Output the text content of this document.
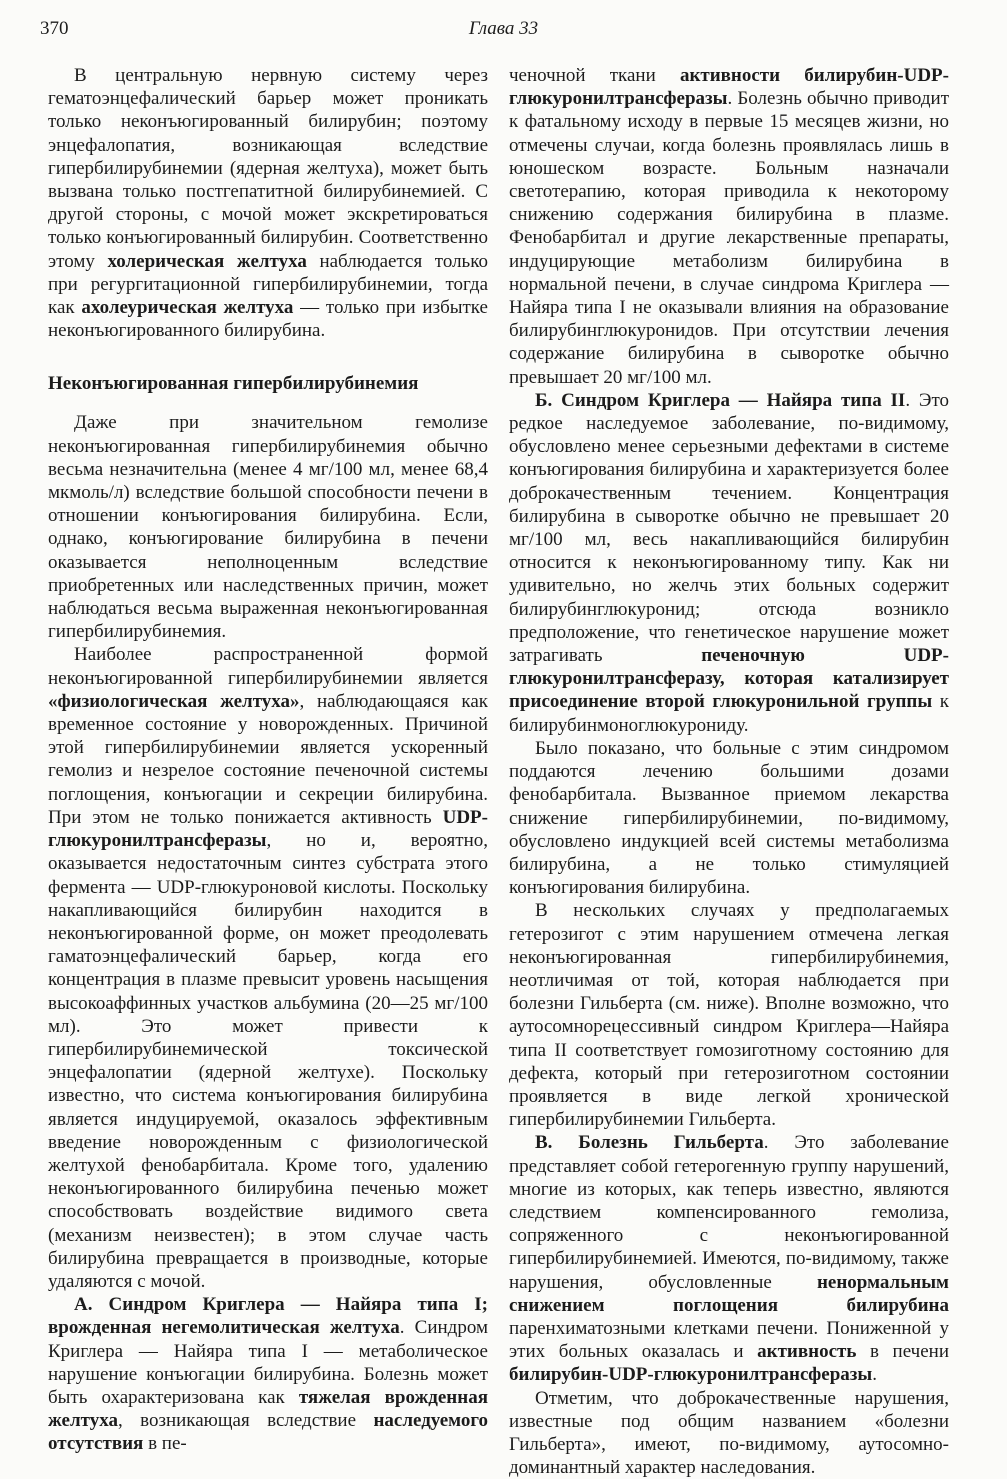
370	Глава 33

В центральную нервную систему через гематоэнцефалический барьер может проникать только неконъюгированный билирубин; поэтому энцефалопатия, возникающая вследствие гипербилирубинемии (ядерная желтуха), может быть вызвана только постгепатитной билирубинемией. С другой стороны, с мочой может экскретироваться только конъюгированный билирубин. Соответственно этому холерическая желтуха наблюдается только при регургитационной гипербилирубинемии, тогда как ахолеурическая желтуха — только при избытке неконъюгированного билирубина.

Неконъюгированная гипербилирубинемия

Даже при значительном гемолизе неконъюгированная гипербилирубинемия обычно весьма незначительна (менее 4 мг/100 мл, менее 68,4 мкмоль/л) вследствие большой способности печени в отношении конъюгирования билирубина. Если, однако, конъюгирование билирубина в печени оказывается неполноценным вследствие приобретенных или наследственных причин, может наблюдаться весьма выраженная неконъюгированная гипербилирубинемия.

Наиболее распространенной формой неконъюгированной гипербилирубинемии является «физиологическая желтуха», наблюдающаяся как временное состояние у новорожденных. Причиной этой гипербилирубинемии является ускоренный гемолиз и незрелое состояние печеночной системы поглощения, конъюгации и секреции билирубина. При этом не только понижается активность UDP-глюкуронилтрансферазы, но и, вероятно, оказывается недостаточным синтез субстрата этого фермента — UDP-глюкуроновой кислоты. Поскольку накапливающийся билирубин находится в неконъюгированной форме, он может преодолевать гаматоэнцефалический барьер, когда его концентрация в плазме превысит уровень насыщения высокоаффинных участков альбумина (20—25 мг/100 мл). Это может привести к гипербилирубинемической токсической энцефалопатии (ядерной желтухе). Поскольку известно, что система конъюгирования билирубина является индуцируемой, оказалось эффективным введение новорожденным с физиологической желтухой фенобарбитала. Кроме того, удалению неконъюгированного билирубина печенью может способствовать воздействие видимого света (механизм неизвестен); в этом случае часть билирубина превращается в производные, которые удаляются с мочой.

А. Синдром Криглера — Найяра типа I; врожденная негемолитическая желтуха. Синдром Криглера — Найяра типа I — метаболическое нарушение конъюгации билирубина. Болезнь может быть охарактеризована как тяжелая врожденная желтуха, возникающая вследствие наследуемого отсутствия в пе-

ченочной ткани активности билирубин-UDP-глюкуронилтрансферазы. Болезнь обычно приводит к фатальному исходу в первые 15 месяцев жизни, но отмечены случаи, когда болезнь проявлялась лишь в юношеском возрасте. Больным назначали светотерапию, которая приводила к некоторому снижению содержания билирубина в плазме. Фенобарбитал и другие лекарственные препараты, индуцирующие метаболизм билирубина в нормальной печени, в случае синдрома Криглера — Найяра типа I не оказывали влияния на образование билирубинглюкуронидов. При отсутствии лечения содержание билирубина в сыворотке обычно превышает 20 мг/100 мл.

Б. Синдром Криглера — Найяра типа II. Это редкое наследуемое заболевание, по-видимому, обусловлено менее серьезными дефектами в системе конъюгирования билирубина и характеризуется более доброкачественным течением. Концентрация билирубина в сыворотке обычно не превышает 20 мг/100 мл, весь накапливающийся билирубин относится к неконъюгированному типу. Как ни удивительно, но желчь этих больных содержит билирубинглюкуронид; отсюда возникло предположение, что генетическое нарушение может затрагивать печеночную UDP-глюкуронилтрансферазу, которая катализирует присоединение второй глюкуронильной группы к билирубинмоноглюкурониду.

Было показано, что больные с этим синдромом поддаются лечению большими дозами фенобарбитала. Вызванное приемом лекарства снижение гипербилирубинемии, по-видимому, обусловлено индукцией всей системы метаболизма билирубина, а не только стимуляцией конъюгирования билирубина.

В нескольких случаях у предполагаемых гетерозигот с этим нарушением отмечена легкая неконъюгированная гипербилирубинемия, неотличимая от той, которая наблюдается при болезни Гильберта (см. ниже). Вполне возможно, что аутосомнорецессивный синдром Криглера—Найяра типа II соответствует гомозиготному состоянию для дефекта, который при гетерозиготном состоянии проявляется в виде легкой хронической гипербилирубинемии Гильберта.

В. Болезнь Гильберта. Это заболевание представляет собой гетерогенную группу нарушений, многие из которых, как теперь известно, являются следствием компенсированного гемолиза, сопряженного с неконъюгированной гипербилирубинемией. Имеются, по-видимому, также нарушения, обусловленные ненормальным снижением поглощения билирубина паренхиматозными клетками печени. Пониженной у этих больных оказалась и активность в печени билирубин-UDP-глюкуронилтрансферазы.

Отметим, что доброкачественные нарушения, известные под общим названием «болезни Гильберта», имеют, по-видимому, аутосомно-доминантный характер наследования.
